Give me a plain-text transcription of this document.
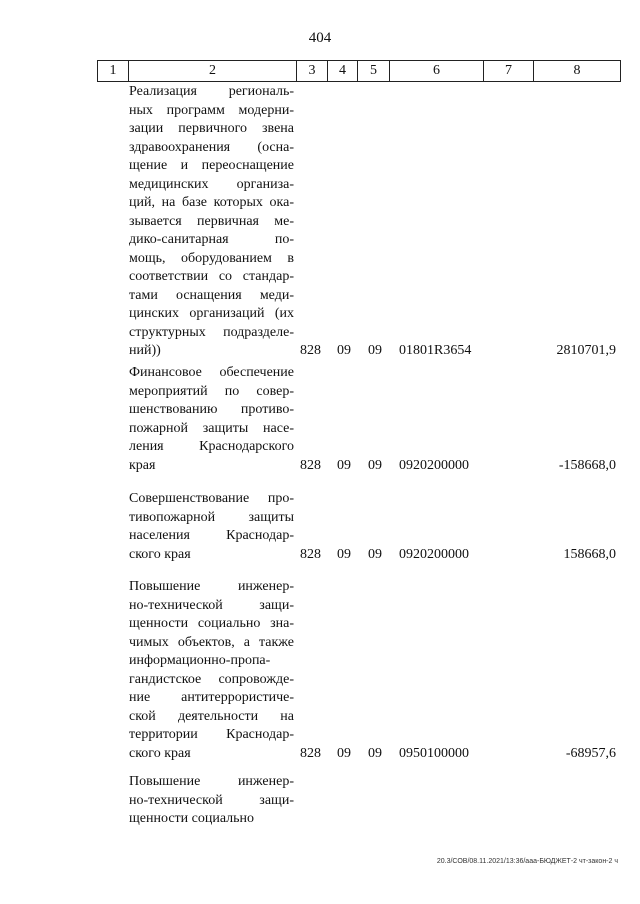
404
1	2	3	4	5	6	7	8
Реализация региональ-
ных программ модерни-
зации первичного звена
здравоохранения (осна-
щение и переоснащение
медицинских организа-
ций, на базе которых ока-
зывается первичная ме-
дико-санитарная по-
мощь, оборудованием в
соответствии со стандар-
тами оснащения меди-
цинских организаций (их
структурных подразделе-
ний))	828 09 09 01801R3654	2810701,9
Финансовое обеспечение
мероприятий по совер-
шенствованию противо-
пожарной защиты насе-
ления Краснодарского
края	828 09 09 0920200000	-158668,0
Совершенствование про-
тивопожарной защиты
населения Краснодар-
ского края	828 09 09 0920200000	158668,0
Повышение инженер-
но-технической защи-
щенности социально зна-
чимых объектов, а также
информационно-пропа-
гандистское сопровожде-
ние антитеррористиче-
ской деятельности на
территории Краснодар-
ского края	828 09 09 0950100000	-68957,6
Повышение инженер-
но-технической защи-
щенности социально
20.3/СОВ/08.11.2021/13:36/ааа-БЮДЖЕТ-2 чт-закон-2 ч
